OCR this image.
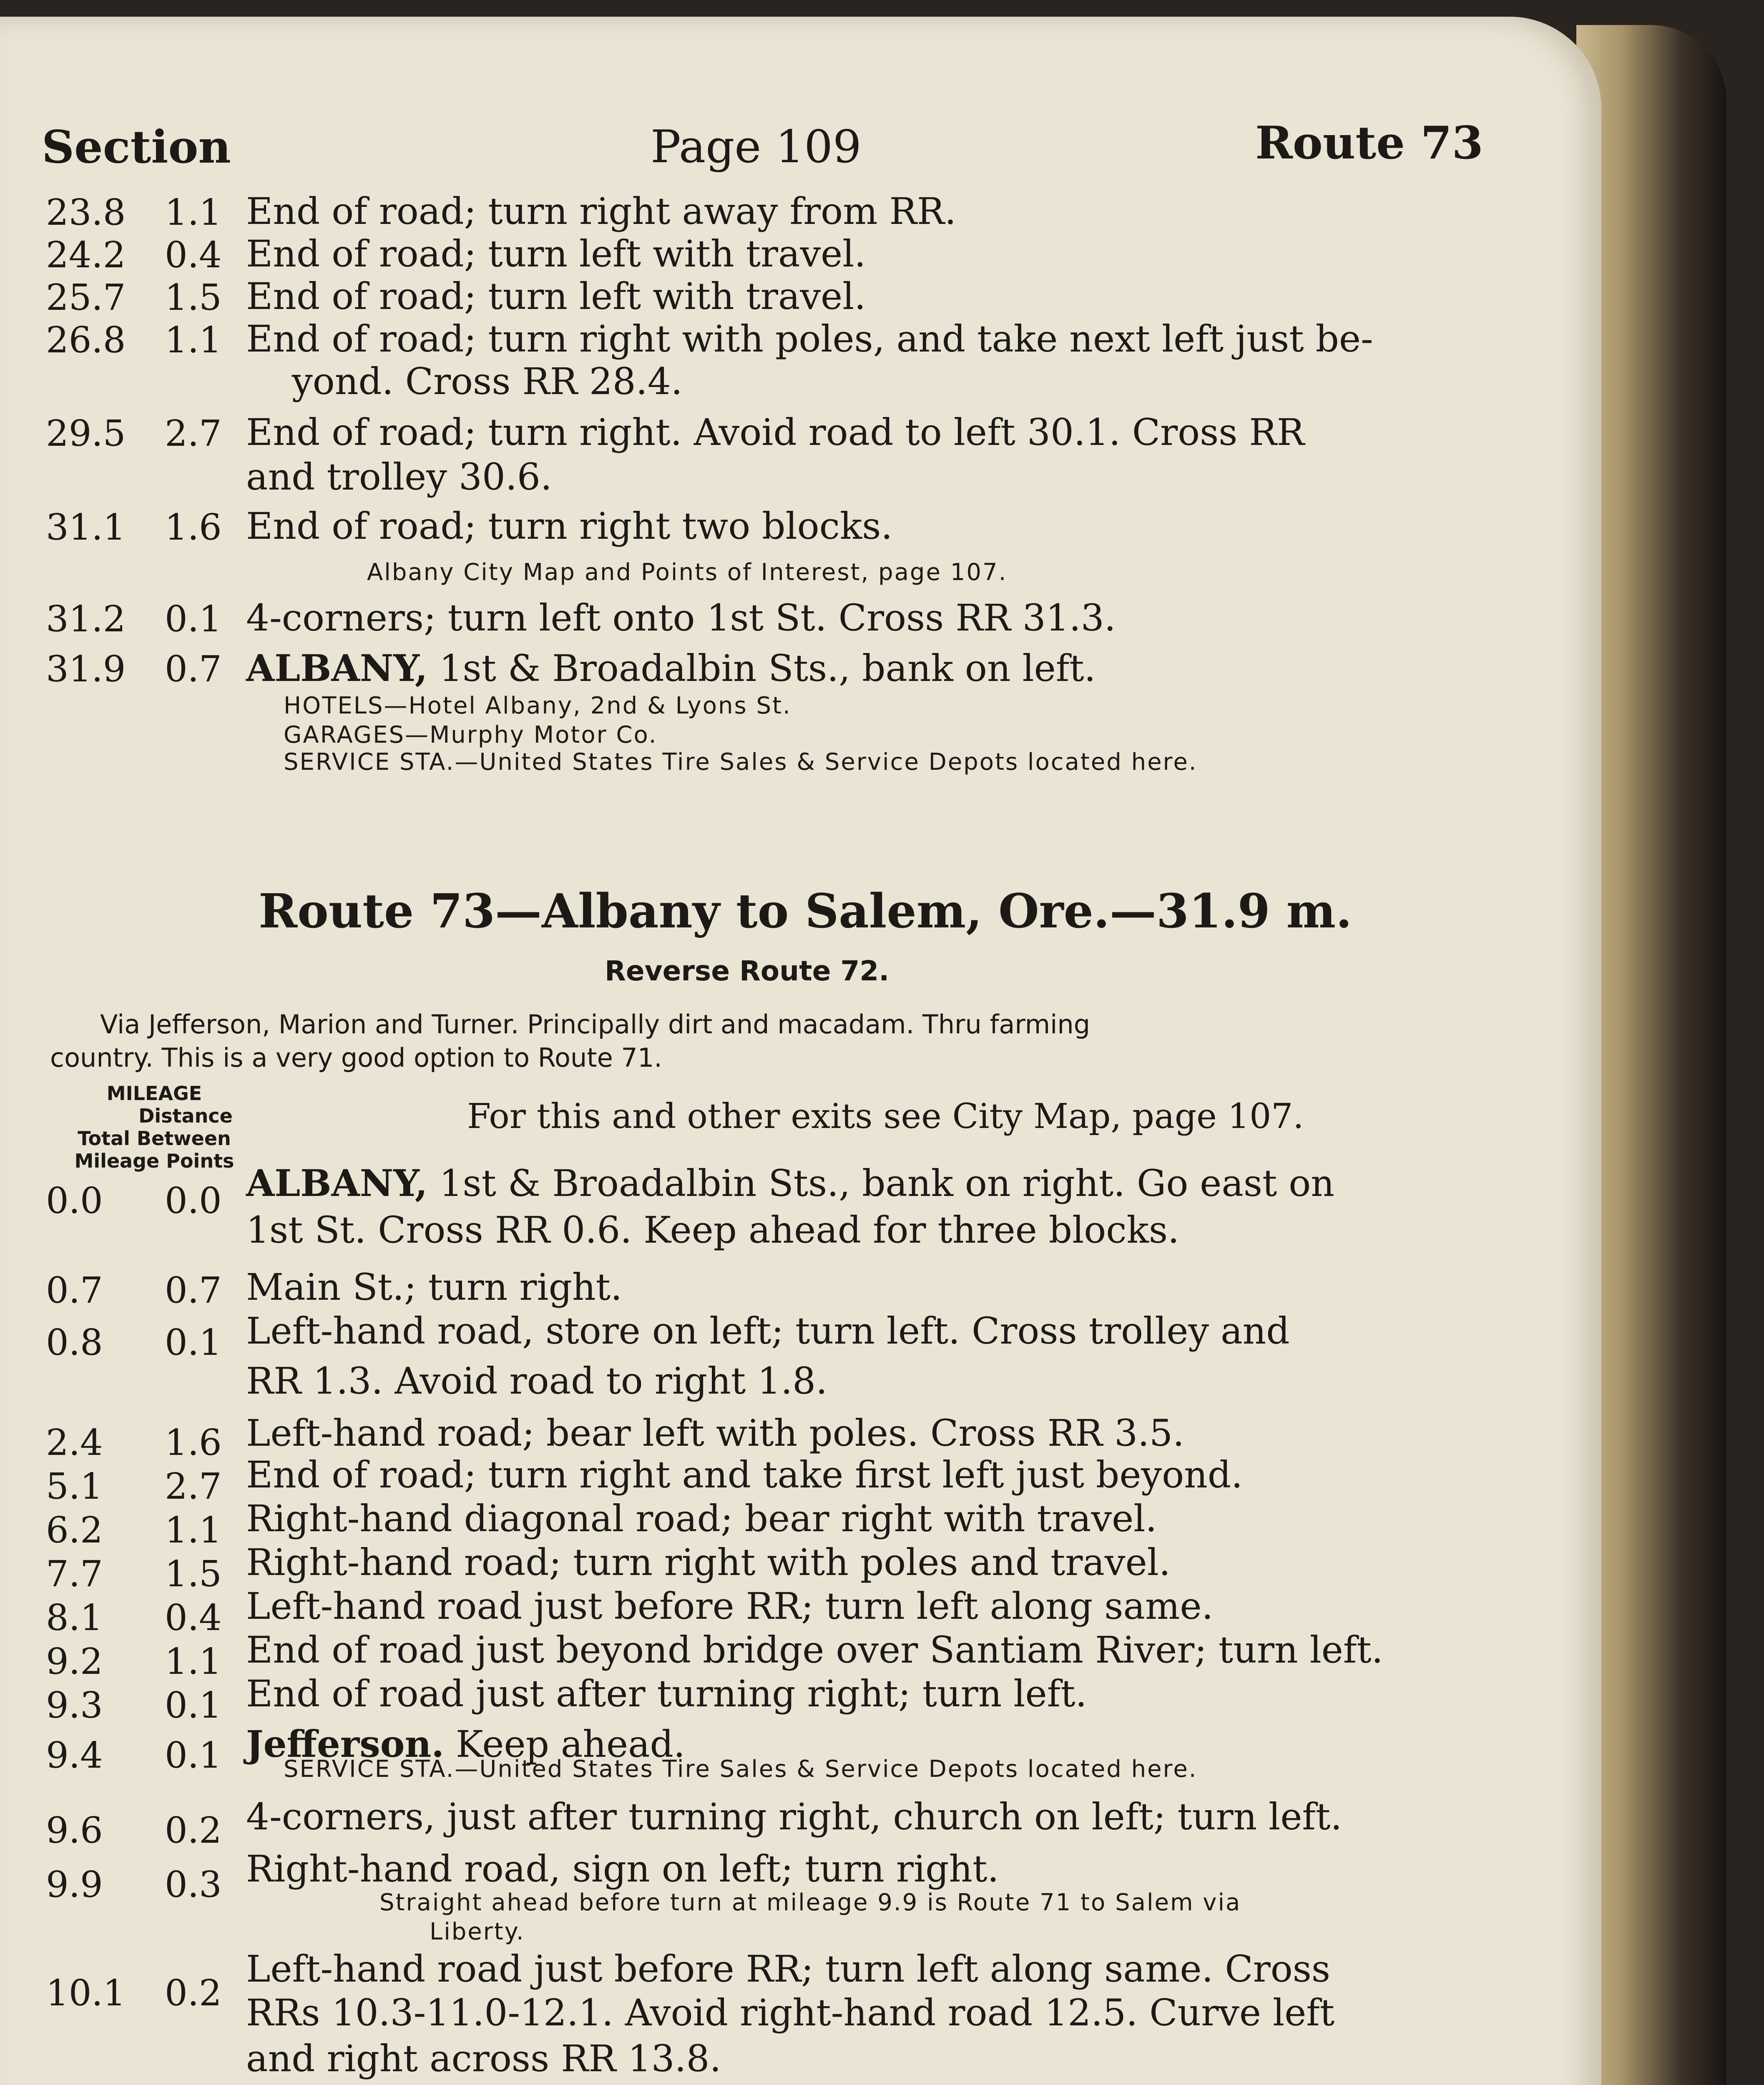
Section	Page 109	Route 73
23.8 1.1 End of road; turn right away from RR.
24.2 0.4 End of road; turn left with travel.
25.7 1.5 End of road; turn left with travel.
26.8 1.1 End of road; turn right with poles, and take next left just be-
yond. Cross RR 28.4.
29.5 2.7 End of road; turn right. Avoid road to left 30.1. Cross RR
and trolley 30.6.
31.1 1.6 End of road; turn right two blocks.
Albany City Map and Points of Interest, page 107.
31.2 0.1 4-corners; turn left onto 1st St. Cross RR 31.3.
31.9 0.7 ALBANY, 1st & Broadalbin Sts., bank on left.
HOTELS—Hotel Albany, 2nd & Lyons St.
GARAGES—Murphy Motor Co.
SERVICE STA.—United States Tire Sales & Service Depots located here.
Route 73—Albany to Salem, Ore.—31.9 m.
Reverse Route 72.
Via Jefferson, Marion and Turner. Principally dirt and macadam. Thru farming
country. This is a very good option to Route 71.
MILEAGE
Distance
Total Between
Mileage Points
For this and other exits see City Map, page 107.
0.0	0.0 ALBANY, 1st & Broadalbin Sts., bank on right. Go east on
1st St. Cross RR 0.6. Keep ahead for three blocks.
0.7	0.7 Main St.; turn right.
0.8	0.1 Left-hand road, store on left; turn left. Cross trolley and
RR 1.3. Avoid road to right 1.8.
2.4	1.6 Left-hand road; bear left with poles. Cross RR 3.5.
5.1	2.7 End of road; turn right and take first left just beyond.
6.2	1.1 Right-hand diagonal road; bear right with travel.
7.7	1.5 Right-hand road; turn right with poles and travel.
8.1	0.4 Left-hand road just before RR; turn left along same.
9.2	1.1 End of road just beyond bridge over Santiam River; turn left.
9.3	0.1 End of road just after turning right; turn left.
9.4	0.1 Jefferson. Keep ahead.
SERVICE STA.—United States Tire Sales & Service Depots located here.
9.6	0.2 4-corners, just after turning right, church on left; turn left.
9.9	0.3 Right-hand road, sign on left; turn right.
Straight ahead before turn at mileage 9.9 is Route 71 to Salem via
Liberty.
10.1 0.2
Left-hand road just before RR; turn left along same. Cross
RRs 10.3-11.0-12.1. Avoid right-hand road 12.5. Curve left
and right across RR 13.8.
